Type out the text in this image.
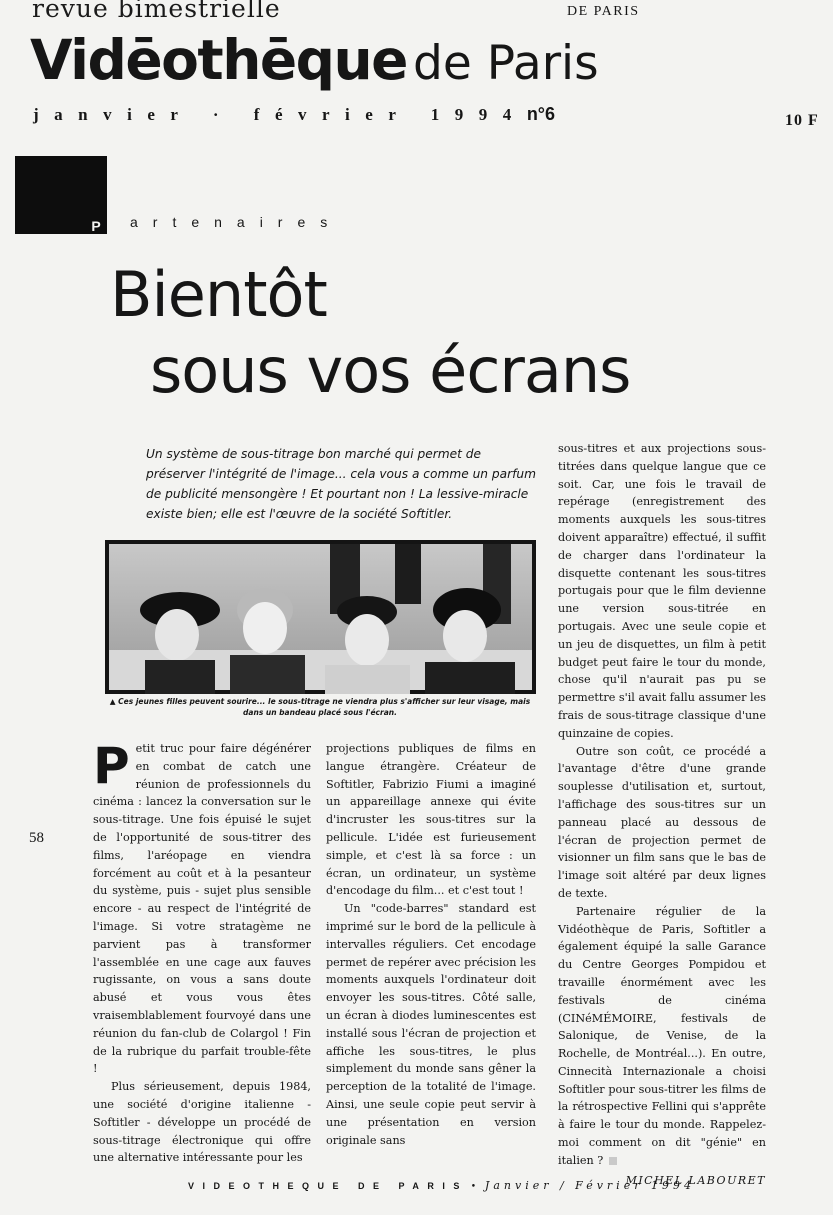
revue bimestrielle	DE PARIS
Vidēothēque de Paris
janvier · février 1994n°6	10 F
P artenaires
Bientôt
sous vos écrans
Un système de sous-titrage bon marché qui permet de préserver l'intégrité de l'image... cela vous a comme un parfum de publicité mensongère ! Et pourtant non ! La lessive-miracle existe bien; elle est l'œuvre de la société Softitler.
▲ Ces jeunes filles peuvent sourire... le sous-titrage ne viendra plus s'afficher sur leur visage, mais dans un bandeau placé sous l'écran.
58

Petit truc pour faire dégénérer en combat de catch une réunion de professionnels du cinéma : lancez la conversation sur le sous-titrage. Une fois épuisé le sujet de l'opportunité de sous-titrer des films, l'aréopage en viendra forcément au coût et à la pesanteur du système, puis - sujet plus sensible encore - au respect de l'intégrité de l'image. Si votre stratagème ne parvient pas à transformer l'assemblée en une cage aux fauves rugissante, on vous a sans doute abusé et vous vous êtes vraisemblablement fourvoyé dans une réunion du fan-club de Colargol ! Fin de la rubrique du parfait trouble-fête !

Plus sérieusement, depuis 1984, une société d'origine italienne - Softitler - développe un procédé de sous-titrage électronique qui offre une alternative intéressante pour les

projections publiques de films en langue étrangère. Créateur de Softitler, Fabrizio Fiumi a imaginé un appareillage annexe qui évite d'incruster les sous-titres sur la pellicule. L'idée est furieusement simple, et c'est là sa force : un écran, un ordinateur, un système d'encodage du film... et c'est tout !

Un "code-barres" standard est imprimé sur le bord de la pellicule à intervalles réguliers. Cet encodage permet de repérer avec précision les moments auxquels l'ordinateur doit envoyer les sous-titres. Côté salle, un écran à diodes luminescentes est installé sous l'écran de projection et affiche les sous-titres, le plus simplement du monde sans gêner la perception de la totalité de l'image. Ainsi, une seule copie peut servir à une présentation en version originale sans

sous-titres et aux projections sous-titrées dans quelque langue que ce soit. Car, une fois le travail de repérage (enregistrement des moments auxquels les sous-titres doivent apparaître) effectué, il suffit de charger dans l'ordinateur la disquette contenant les sous-titres portugais pour que le film devienne une version sous-titrée en portugais. Avec une seule copie et un jeu de disquettes, un film à petit budget peut faire le tour du monde, chose qu'il n'aurait pas pu se permettre s'il avait fallu assumer les frais de sous-titrage classique d'une quinzaine de copies.

Outre son coût, ce procédé a l'avantage d'être d'une grande souplesse d'utilisation et, surtout, l'affichage des sous-titres sur un panneau placé au dessous de l'écran de projection permet de visionner un film sans que le bas de l'image soit altéré par deux lignes de texte.

Partenaire régulier de la Vidéothèque de Paris, Softitler a également équipé la salle Garance du Centre Georges Pompidou et travaille énormément avec les festivals de cinéma (CINéMÉMOIRE, festivals de Salonique, de Venise, de la Rochelle, de Montréal...). En outre, Cinnecità Internazionale a choisi Softitler pour sous-titrer les films de la rétrospective Fellini qui s'apprête à faire le tour du monde. Rappelez-moi comment on dit "génie" en italien ?

MICHEL LABOURET

VIDEOTHEQUE DE PARIS • Janvier / Février 1994
